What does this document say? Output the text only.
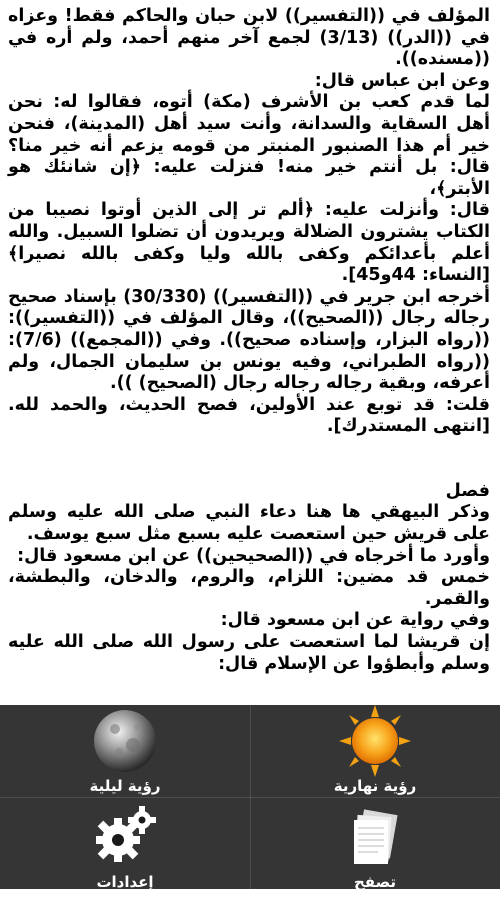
المؤلف في ((التفسير)) لابن حبان والحاكم فقط! وعزاه في ((الدر)) (3/13) لجمع آخر منهم أحمد، ولم أره في ((مسنده)).

وعن ابن عباس قال:

لما قدم كعب بن الأشرف (مكة) أتوه، فقالوا له: نحن أهل السقاية والسدانة، وأنت سيد أهل (المدينة)، فنحن خير أم هذا الصنبور المنبتر من قومه يزعم أنه خير منا؟ قال: بل أنتم خير منه! فنزلت عليه: ﴿إن شانئك هو الأبتر﴾،

قال: وأنزلت عليه: ﴿ألم تر إلى الذين أوتوا نصيبا من الكتاب يشترون الضلالة ويريدون أن تضلوا السبيل. والله أعلم بأعدائكم وكفى بالله وليا وكفى بالله نصيرا﴾ [النساء: 44و45].

أخرجه ابن جرير في ((التفسير)) (30/330) بإسناد صحيح رجاله رجال ((الصحيح))، وقال المؤلف في ((التفسير)): ((رواه البزار، وإسناده صحيح)). وفي ((المجمع)) (7/6): ((رواه الطبراني، وفيه يونس بن سليمان الجمال، ولم أعرفه، وبقية رجاله رجاله رجال (الصحيح) )).

قلت: قد توبع عند الأولين، فصح الحديث، والحمد لله. [انتهى المستدرك].

فصل

وذكر البيهقي ها هنا دعاء النبي صلى الله عليه وسلم على قريش حين استعصت عليه بسبع مثل سبع يوسف.

وأورد ما أخرجاه في ((الصحيحين)) عن ابن مسعود قال:

خمس قد مضين: اللزام، والروم، والدخان، والبطشة، والقمر.

وفي رواية عن ابن مسعود قال:

إن قريشا لما استعصت على رسول الله صلى الله عليه وسلم وأبطؤوا عن الإسلام قال:

رؤية ليلية	رؤية نهارية
إعدادات	تصفح
